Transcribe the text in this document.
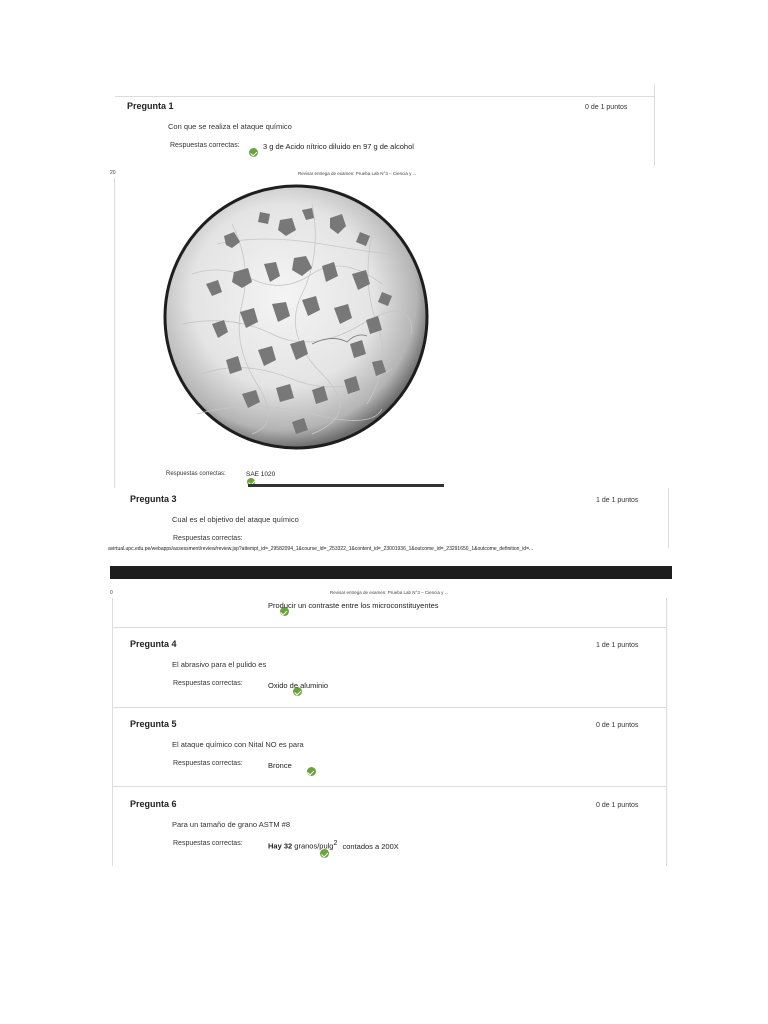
Pregunta 1	0 de 1 puntos
Con que se realiza el ataque químico
Respuestas correctas:
	3 g de Acido nítrico diluido en 97 g de alcohol
20	Revisar entrega de examen: Prueba Lab N°3 – Ciencia y ...
Respuestas correctas:
	SAE 1020
Pregunta 3	1 de 1 puntos
Cual es el objetivo del ataque químico
Respuestas correctas:
avirtual.upc.edu.pe/webapps/assessment/review/review.jsp?attempt_id=_29582094_1&course_id=_253322_1&content_id=_23001936_1&outcome_id=_23291650_1&outcome_definition_id=...
0	Revisar entrega de examen: Prueba Lab N°3 – Ciencia y ...

Producir un contraste entre los microconstituyentes
Pregunta 4	1 de 1 puntos
El abrasivo para el pulido es
Respuestas correctas:
	Oxido de aluminio
Pregunta 5	0 de 1 puntos
El ataque químico con Nital NO es para
Respuestas correctas:
	Bronce
Pregunta 6	0 de 1 puntos
Para un tamaño de grano ASTM #8
Respuestas correctas:	Hay 32 granos/pulg$^2$ contados a 200X
